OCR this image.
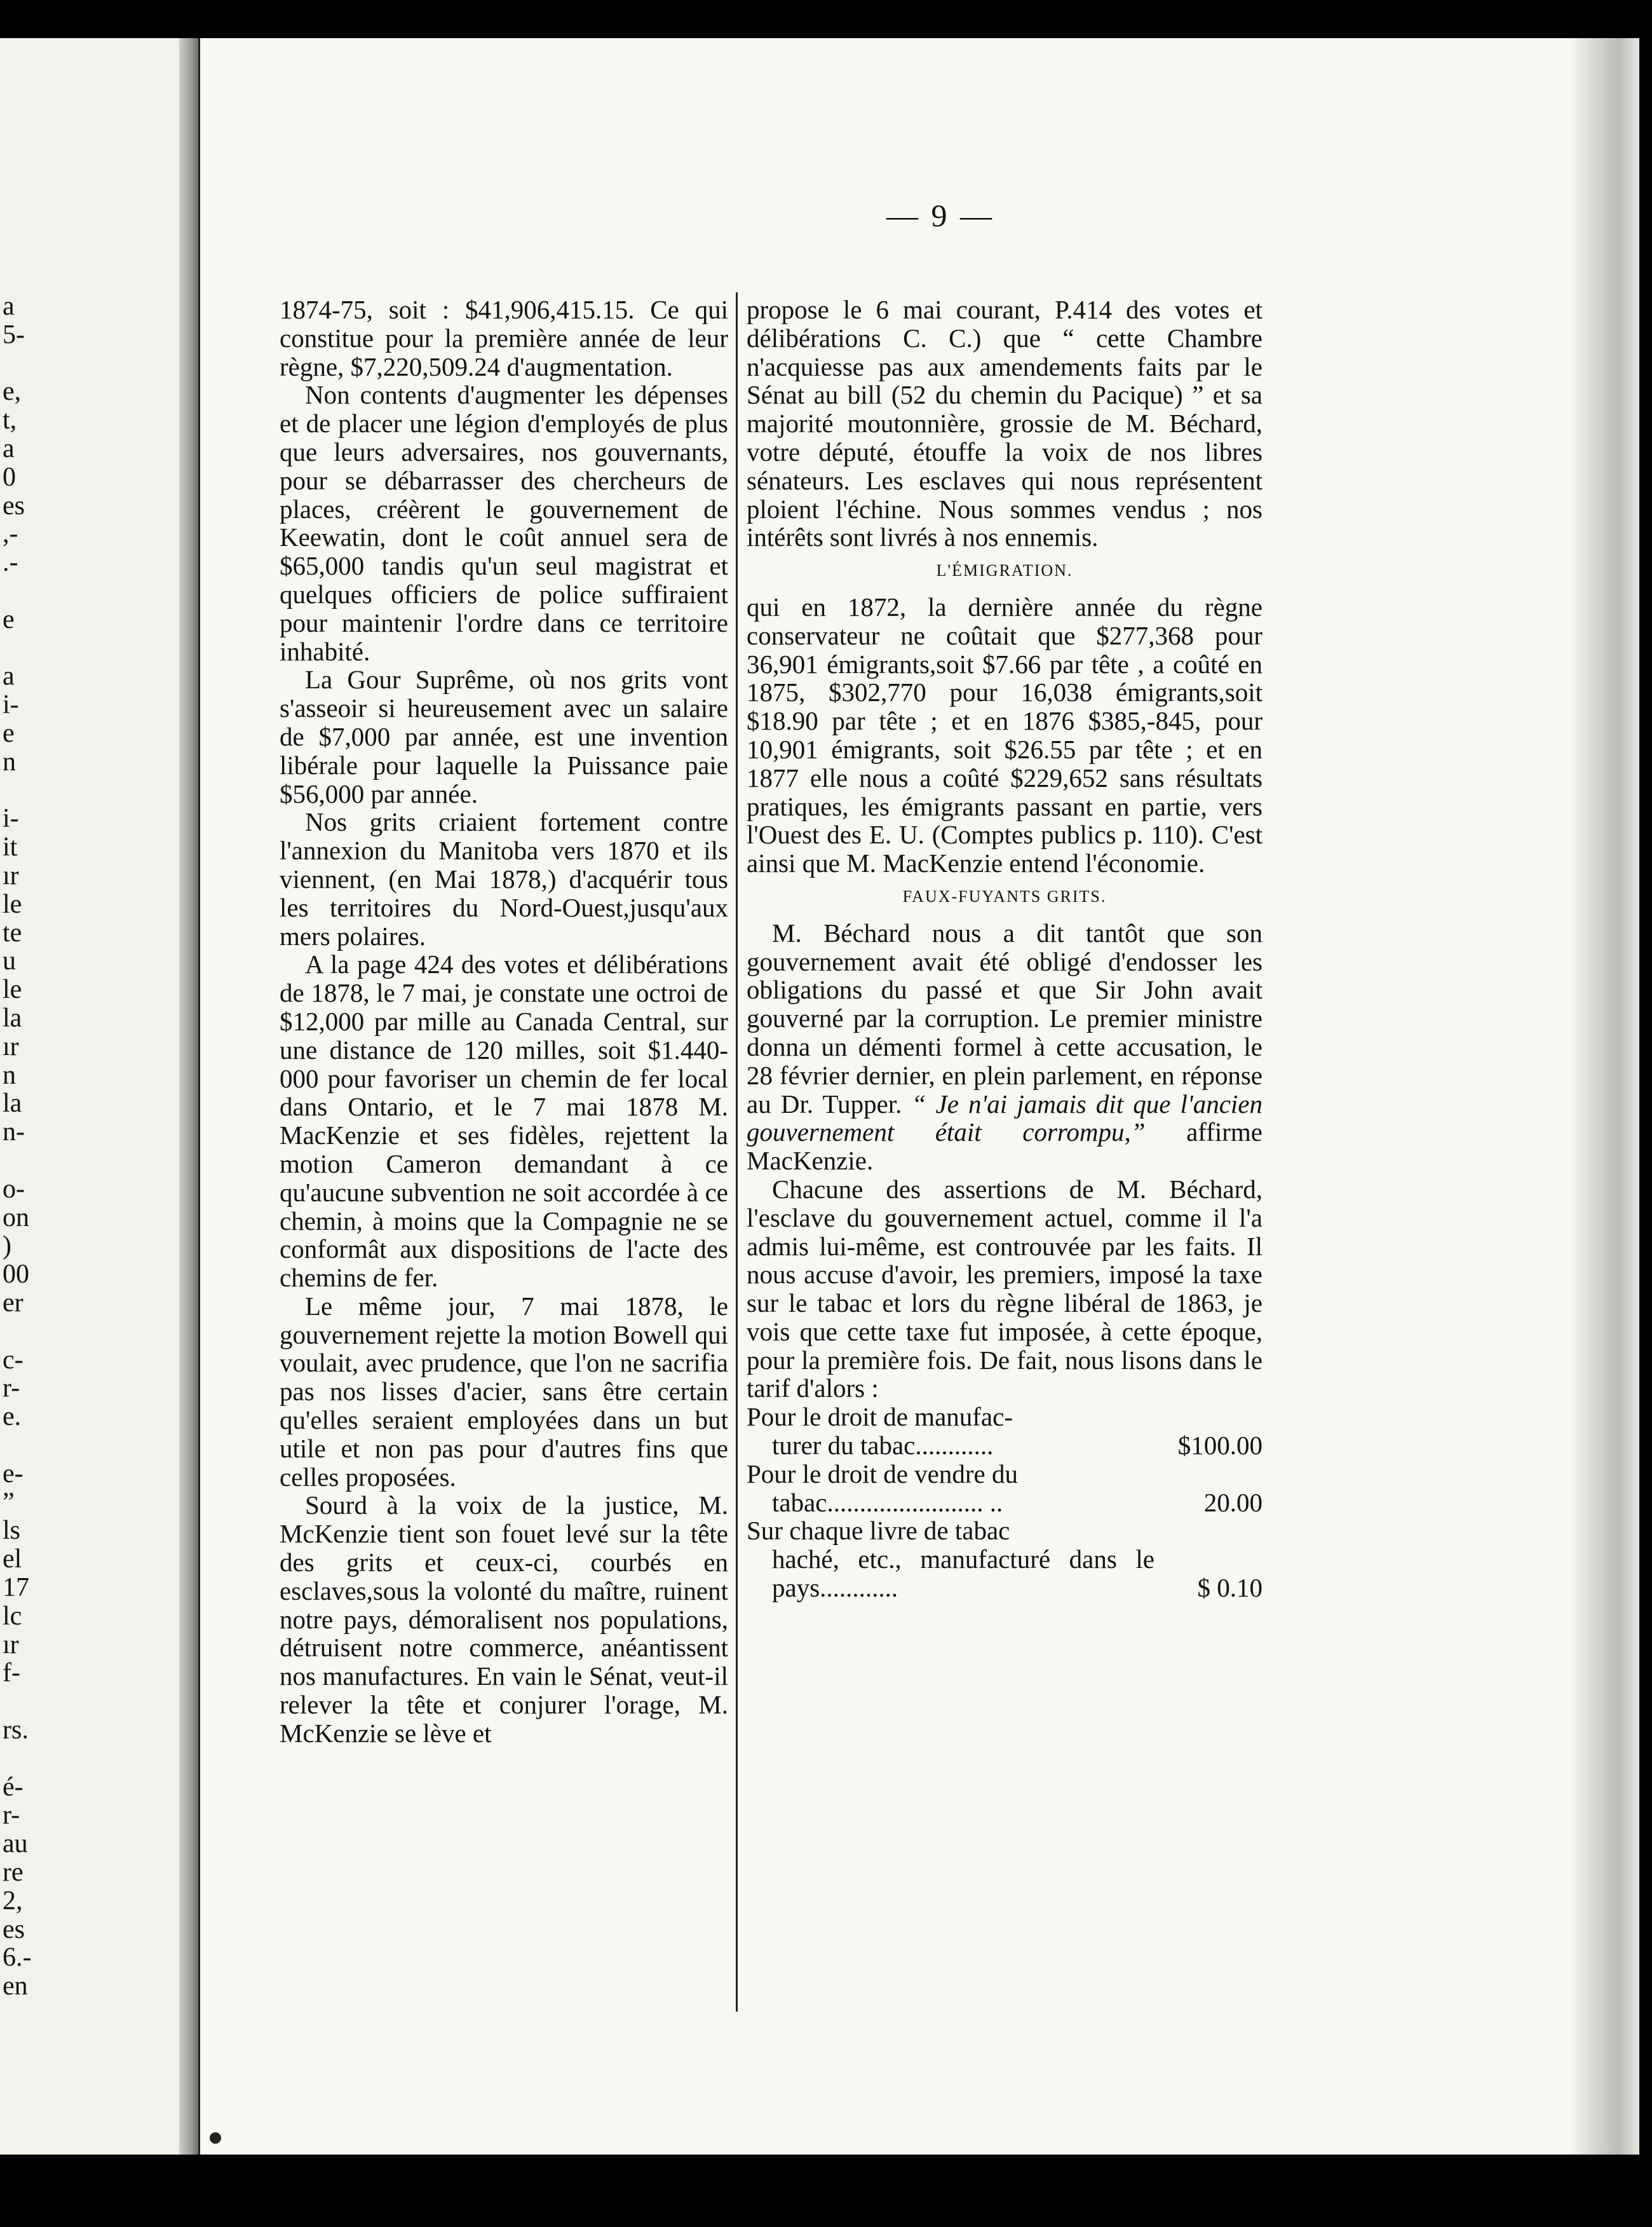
a
5-
e,
t,
a
0
es
,-
.-
e
a
i-
e
n
i-
it
ır
le
te
u
le
la
ır
n
la
n-
o-
on
)
00
er
c-
r-
e.
e-
”
ls
el
17
lc
ır
f-
rs.
é-
r-
au
re
2,
es
6.-
en
— 9 —

1874-75, soit : $41,906,415.15. Ce qui constitue pour la première année de leur règne, $7,220,509.24 d'augmentation.

Non contents d'augmenter les dépenses et de placer une légion d'employés de plus que leurs adversaires, nos gouvernants, pour se débarrasser des chercheurs de places, créèrent le gouvernement de Keewatin, dont le coût annuel sera de $65,000 tandis qu'un seul magistrat et quelques officiers de police suffiraient pour maintenir l'ordre dans ce territoire inhabité.

La Gour Suprême, où nos grits vont s'asseoir si heureusement avec un salaire de $7,000 par année, est une invention libérale pour laquelle la Puissance paie $56,000 par année.

Nos grits criaient fortement contre l'annexion du Manitoba vers 1870 et ils viennent, (en Mai 1878,) d'acquérir tous les territoires du Nord-Ouest,jusqu'aux mers polaires.

A la page 424 des votes et délibérations de 1878, le 7 mai, je constate une octroi de $12,000 par mille au Canada Central, sur une distance de 120 milles, soit $1.440-000 pour favoriser un chemin de fer local dans Ontario, et le 7 mai 1878 M. MacKenzie et ses fidèles, rejettent la motion Cameron demandant à ce qu'aucune subvention ne soit accordée à ce chemin, à moins que la Compagnie ne se conformât aux dispositions de l'acte des chemins de fer.

Le même jour, 7 mai 1878, le gouvernement rejette la motion Bowell qui voulait, avec prudence, que l'on ne sacrifia pas nos lisses d'acier, sans être certain qu'elles seraient employées dans un but utile et non pas pour d'autres fins que celles proposées.

Sourd à la voix de la justice, M. McKenzie tient son fouet levé sur la tête des grits et ceux-ci, courbés en esclaves,sous la volonté du maître, ruinent notre pays, démoralisent nos populations, détruisent notre commerce, anéantissent nos manufactures. En vain le Sénat, veut-il relever la tête et conjurer l'orage, M. McKenzie se lève et

propose le 6 mai courant, P.414 des votes et délibérations C. C.) que “ cette Chambre n'acquiesse pas aux amendements faits par le Sénat au bill (52 du chemin du Pacique) ” et sa majorité moutonnière, grossie de M. Béchard, votre député, étouffe la voix de nos libres sénateurs. Les esclaves qui nous représentent ploient l'échine. Nous sommes vendus ; nos intérêts sont livrés à nos ennemis.

L'ÉMIGRATION.

qui en 1872, la dernière année du règne conservateur ne coûtait que $277,368 pour 36,901 émigrants,soit $7.66 par tête , a coûté en 1875, $302,770 pour 16,038 émigrants,soit $18.90 par tête ; et en 1876 $385,-845, pour 10,901 émigrants, soit $26.55 par tête ; et en 1877 elle nous a coûté $229,652 sans résultats pratiques, les émigrants passant en partie, vers l'Ouest des E. U. (Comptes publics p. 110). C'est ainsi que M. MacKenzie entend l'économie.

FAUX-FUYANTS GRITS.

M. Béchard nous a dit tantôt que son gouvernement avait été obligé d'endosser les obligations du passé et que Sir John avait gouverné par la corruption. Le premier ministre donna un démenti formel à cette accusation, le 28 février dernier, en plein parlement, en réponse au Dr. Tupper. “ Je n'ai jamais dit que l'ancien gouvernement était corrompu,” affirme MacKenzie.

Chacune des assertions de M. Béchard, l'esclave du gouvernement actuel, comme il l'a admis lui-même, est controuvée par les faits. Il nous accuse d'avoir, les premiers, imposé la taxe sur le tabac et lors du règne libéral de 1863, je vois que cette taxe fut imposée, à cette époque, pour la première fois. De fait, nous lisons dans le tarif d'alors :

Pour le droit de manufac-
turer du tabac............	$100.00
Pour le droit de vendre du
tabac........................ ..	20.00
Sur chaque livre de tabac
haché, etc., manufacturé dans le pays............	$ 0.10
